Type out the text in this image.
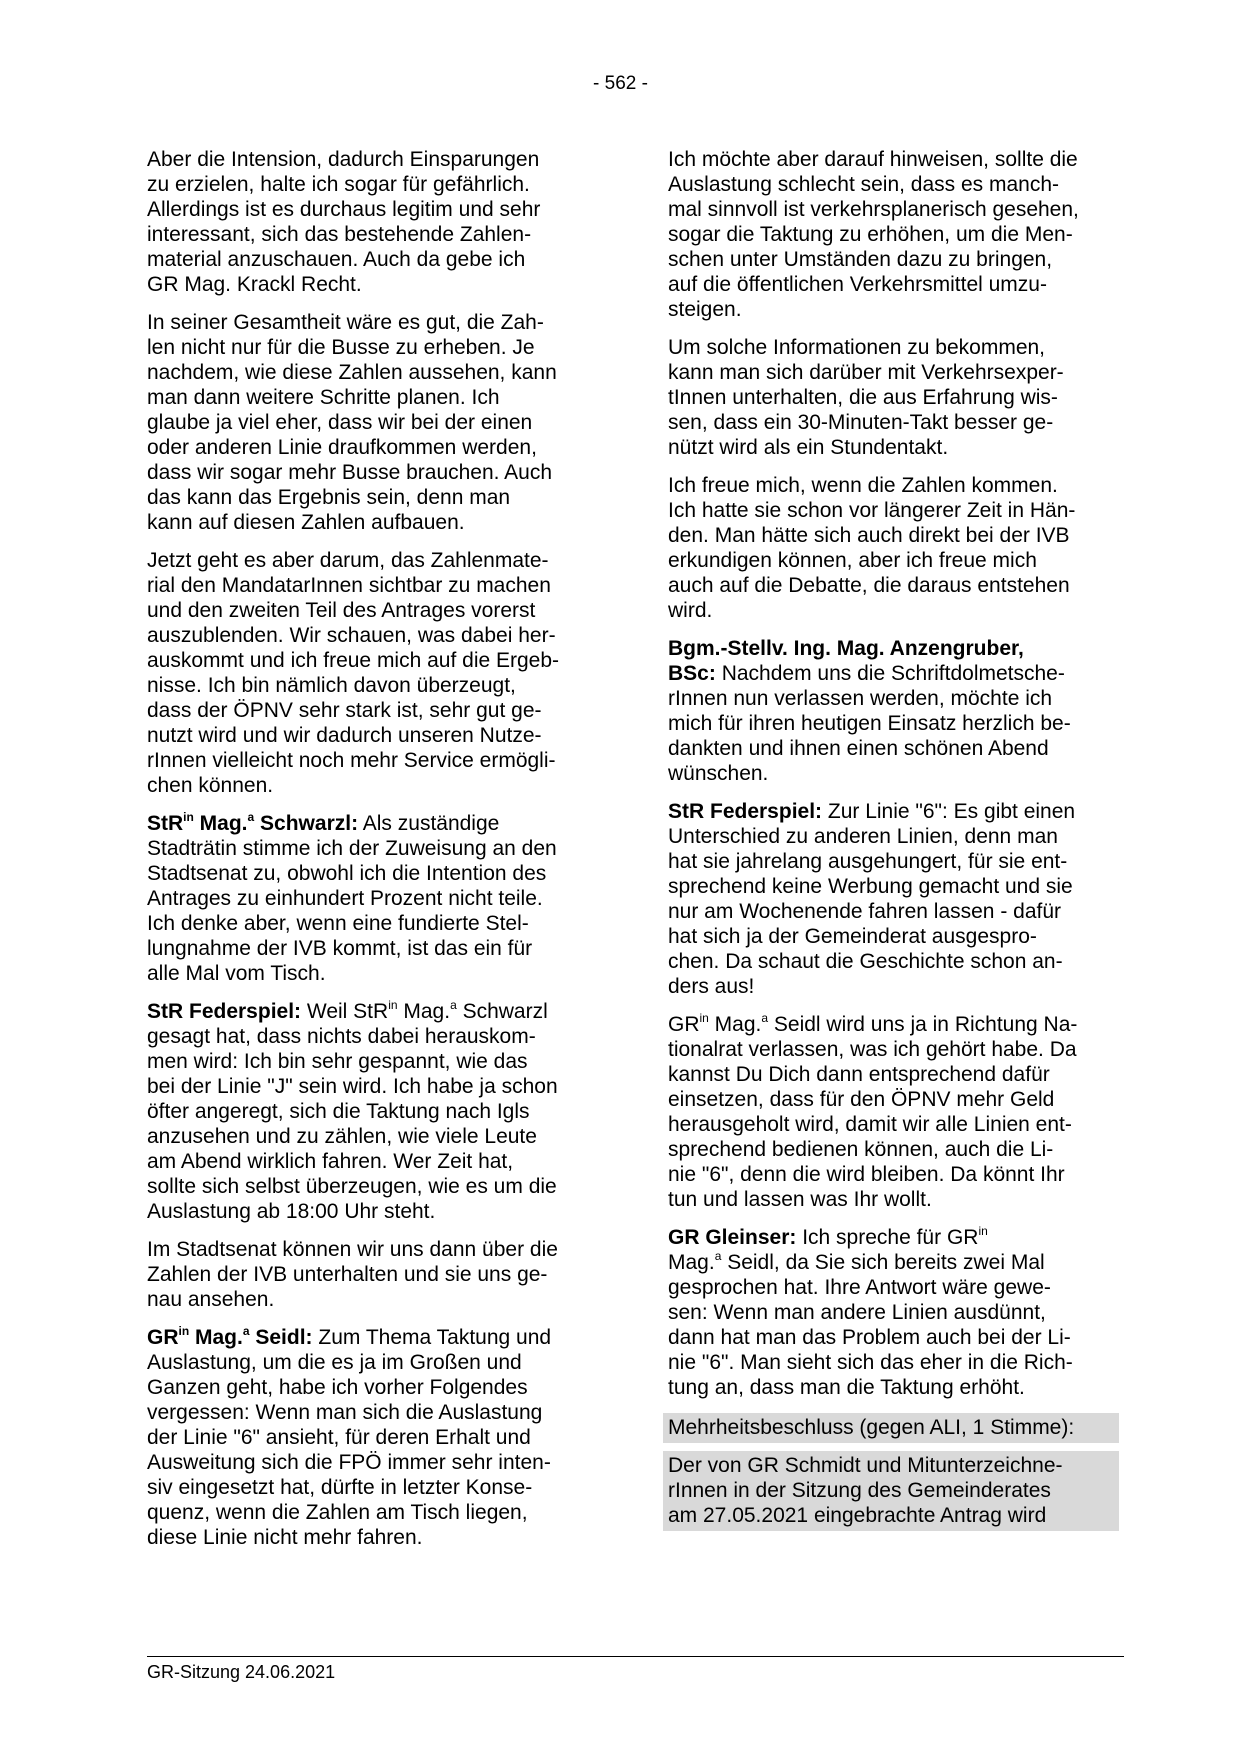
- 562 -

Aber die Intension, dadurch Einsparungen
zu erzielen, halte ich sogar für gefährlich.
Allerdings ist es durchaus legitim und sehr
interessant, sich das bestehende Zahlen-
material anzuschauen. Auch da gebe ich
GR Mag. Krackl Recht.

In seiner Gesamtheit wäre es gut, die Zah-
len nicht nur für die Busse zu erheben. Je
nachdem, wie diese Zahlen aussehen, kann
man dann weitere Schritte planen. Ich
glaube ja viel eher, dass wir bei der einen
oder anderen Linie draufkommen werden,
dass wir sogar mehr Busse brauchen. Auch
das kann das Ergebnis sein, denn man
kann auf diesen Zahlen aufbauen.

Jetzt geht es aber darum, das Zahlenmate-
rial den MandatarInnen sichtbar zu machen
und den zweiten Teil des Antrages vorerst
auszublenden. Wir schauen, was dabei her-
auskommt und ich freue mich auf die Ergeb-
nisse. Ich bin nämlich davon überzeugt,
dass der ÖPNV sehr stark ist, sehr gut ge-
nutzt wird und wir dadurch unseren Nutze-
rInnen vielleicht noch mehr Service ermögli-
chen können.

StR$^{in}$ Mag.$^a$ Schwarzl: Als zuständige
Stadträtin stimme ich der Zuweisung an den
Stadtsenat zu, obwohl ich die Intention des
Antrages zu einhundert Prozent nicht teile.
Ich denke aber, wenn eine fundierte Stel-
lungnahme der IVB kommt, ist das ein für
alle Mal vom Tisch.

StR Federspiel: Weil StR$^{in}$ Mag.$^a$ Schwarzl
gesagt hat, dass nichts dabei herauskom-
men wird: Ich bin sehr gespannt, wie das
bei der Linie "J" sein wird. Ich habe ja schon
öfter angeregt, sich die Taktung nach Igls
anzusehen und zu zählen, wie viele Leute
am Abend wirklich fahren. Wer Zeit hat,
sollte sich selbst überzeugen, wie es um die
Auslastung ab 18:00 Uhr steht.

Im Stadtsenat können wir uns dann über die
Zahlen der IVB unterhalten und sie uns ge-
nau ansehen.

$GR^{in}$ Mag.$^a$ Seidl: Zum Thema Taktung und
Auslastung, um die es ja im Großen und
Ganzen geht, habe ich vorher Folgendes
vergessen: Wenn man sich die Auslastung
der Linie "6" ansieht, für deren Erhalt und
Ausweitung sich die FPÖ immer sehr inten-
siv eingesetzt hat, dürfte in letzter Konse-
quenz, wenn die Zahlen am Tisch liegen,
diese Linie nicht mehr fahren.

Ich möchte aber darauf hinweisen, sollte die
Auslastung schlecht sein, dass es manch-
mal sinnvoll ist verkehrsplanerisch gesehen,
sogar die Taktung zu erhöhen, um die Men-
schen unter Umständen dazu zu bringen,
auf die öffentlichen Verkehrsmittel umzu-
steigen.

Um solche Informationen zu bekommen,
kann man sich darüber mit Verkehrsexper-
tInnen unterhalten, die aus Erfahrung wis-
sen, dass ein 30-Minuten-Takt besser ge-
nützt wird als ein Stundentakt.

Ich freue mich, wenn die Zahlen kommen.
Ich hatte sie schon vor längerer Zeit in Hän-
den. Man hätte sich auch direkt bei der IVB
erkundigen können, aber ich freue mich
auch auf die Debatte, die daraus entstehen
wird.

Bgm.-Stellv. Ing. Mag. Anzengruber,
BSc: Nachdem uns die Schriftdolmetsche-
rInnen nun verlassen werden, möchte ich
mich für ihren heutigen Einsatz herzlich be-
dankten und ihnen einen schönen Abend
wünschen.

StR Federspiel: Zur Linie "6": Es gibt einen
Unterschied zu anderen Linien, denn man
hat sie jahrelang ausgehungert, für sie ent-
sprechend keine Werbung gemacht und sie
nur am Wochenende fahren lassen - dafür
hat sich ja der Gemeinderat ausgespro-
chen. Da schaut die Geschichte schon an-
ders aus!

$GR^{in}$ Mag.$^a$ Seidl wird uns ja in Richtung Na-
tionalrat verlassen, was ich gehört habe. Da
kannst Du Dich dann entsprechend dafür
einsetzen, dass für den ÖPNV mehr Geld
herausgeholt wird, damit wir alle Linien ent-
sprechend bedienen können, auch die Li-
nie "6", denn die wird bleiben. Da könnt Ihr
tun und lassen was Ihr wollt.

GR Gleinser: Ich spreche für $GR^{in}$
Mag.$^a$ Seidl, da Sie sich bereits zwei Mal
gesprochen hat. Ihre Antwort wäre gewe-
sen: Wenn man andere Linien ausdünnt,
dann hat man das Problem auch bei der Li-
nie "6". Man sieht sich das eher in die Rich-
tung an, dass man die Taktung erhöht.

Mehrheitsbeschluss (gegen ALI, 1 Stimme):
Der von GR Schmidt und Mitunterzeichne-
rInnen in der Sitzung des Gemeinderates
am 27.05.2021 eingebrachte Antrag wird
GR-Sitzung 24.06.2021
